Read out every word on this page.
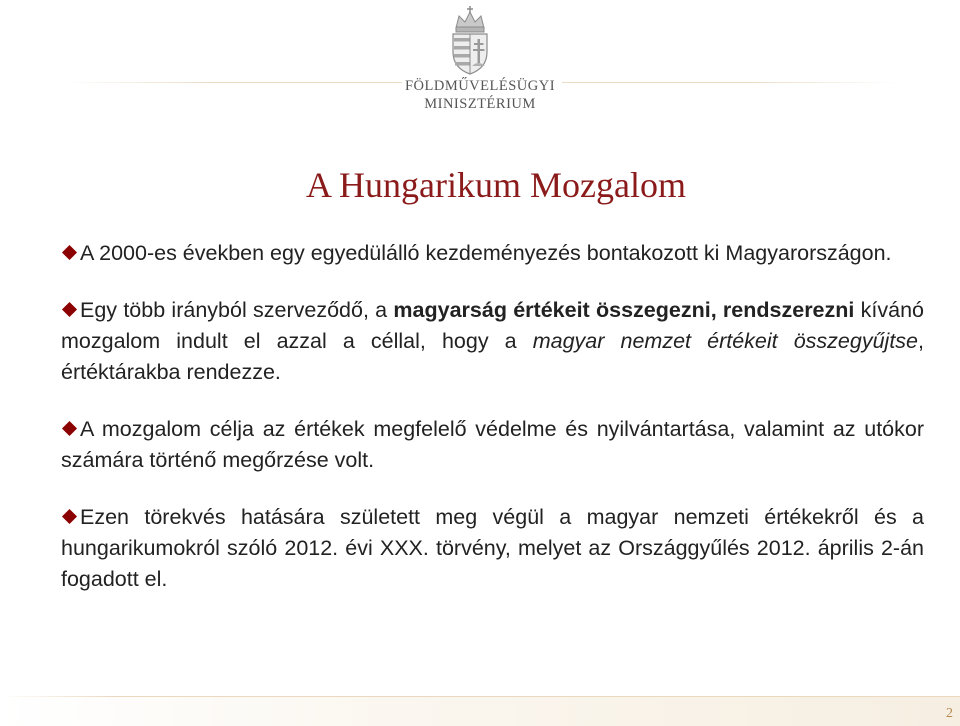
FÖLDMŰVELÉSÜGYI

MINISZTÉRIUM

A Hungarikum Mozgalom

A 2000-es években egy egyedülálló kezdeményezés bontakozott ki Magyarországon.

Egy több irányból szerveződő, a magyarság értékeit összegezni, rendszerezni kívánó mozgalom indult el azzal a céllal, hogy a magyar nemzet értékeit összegyűjtse, értéktárakba rendezze.

A mozgalom célja az értékek megfelelő védelme és nyilvántartása, valamint az utókor számára történő megőrzése volt.

Ezen törekvés hatására született meg végül a magyar nemzeti értékekről és a hungarikumokról szóló 2012. évi XXX. törvény, melyet az Országgyűlés 2012. április 2-án fogadott el.

2
